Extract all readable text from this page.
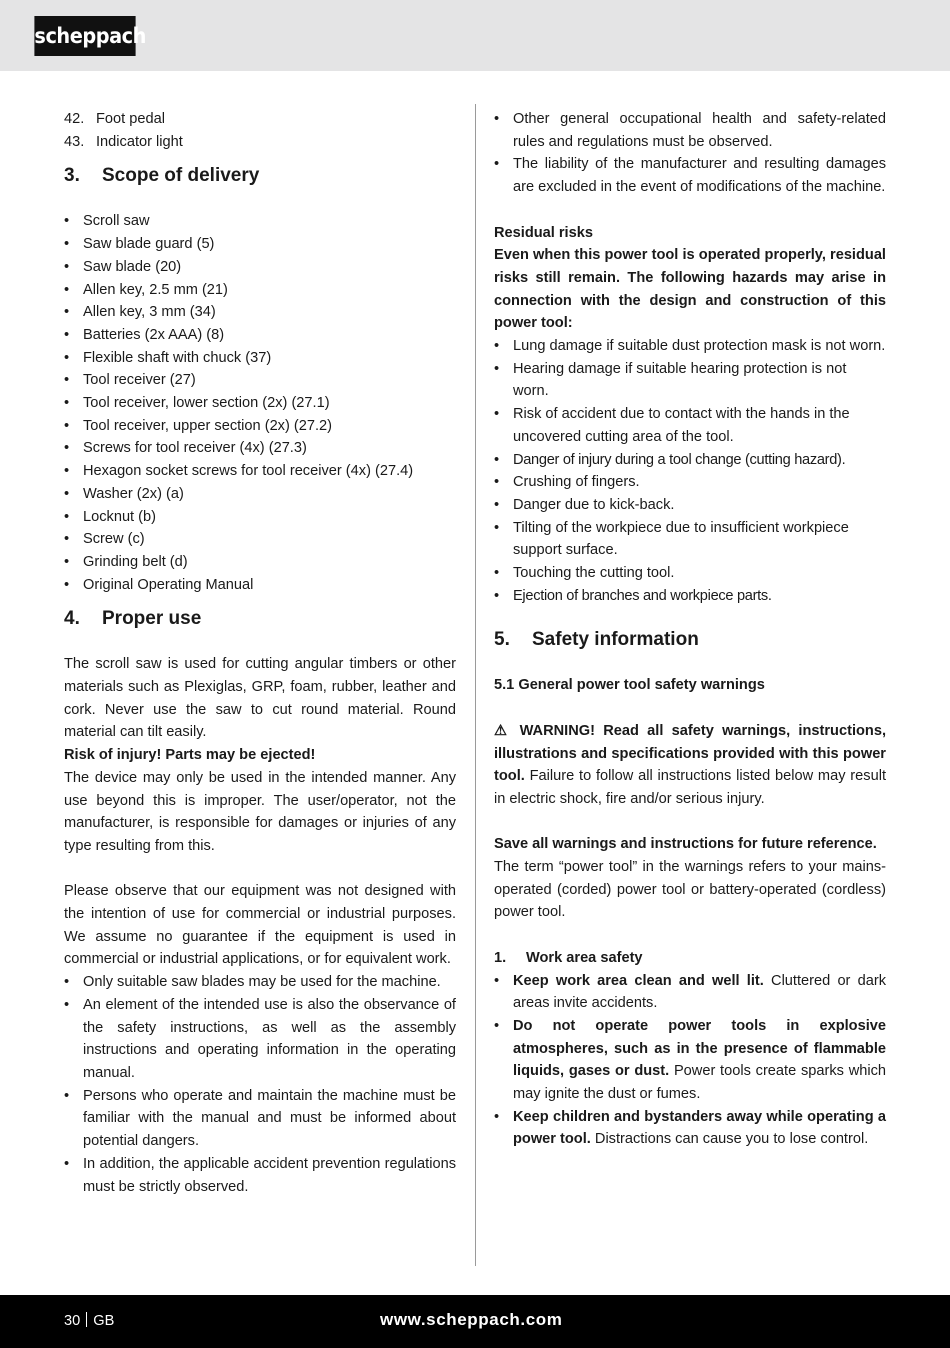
scheppach
42. Foot pedal
43. Indicator light
3.	Scope of delivery
• Scroll saw
• Saw blade guard (5)
• Saw blade (20)
• Allen key, 2.5 mm (21)
• Allen key, 3 mm (34)
• Batteries (2x AAA) (8)
• Flexible shaft with chuck (37)
• Tool receiver (27)
• Tool receiver, lower section (2x) (27.1)
• Tool receiver, upper section (2x) (27.2)
• Screws for tool receiver (4x) (27.3)
• Hexagon socket screws for tool receiver (4x) (27.4)
• Washer (2x) (a)
• Locknut (b)
• Screw (c)
• Grinding belt (d)
• Original Operating Manual
4.	Proper use

The scroll saw is used for cutting angular timbers or other materials such as Plexiglas, GRP, foam, rubber, leather and cork. Never use the saw to cut round material. Round material can tilt easily.

Risk of injury! Parts may be ejected!

The device may only be used in the intended manner. Any use beyond this is improper. The user/operator, not the manufacturer, is responsible for damages or injuries of any type resulting from this.

Please observe that our equipment was not designed with the intention of use for commercial or industrial purposes. We assume no guarantee if the equipment is used in commercial or industrial applications, or for equivalent work.

• Only suitable saw blades may be used for the machine.
• An element of the intended use is also the observance of the safety instructions, as well as the assembly instructions and operating information in the operating manual.
• Persons who operate and maintain the machine must be familiar with the manual and must be informed about potential dangers.
• In addition, the applicable accident prevention regulations must be strictly observed.
• Other general occupational health and safety-related rules and regulations must be observed.
• The liability of the manufacturer and resulting damages are excluded in the event of modifications of the machine.

Residual risks

Even when this power tool is operated properly, residual risks still remain. The following hazards may arise in connection with the design and construction of this power tool:

• Lung damage if suitable dust protection mask is not worn.
• Hearing damage if suitable hearing protection is not worn.
• Risk of accident due to contact with the hands in the uncovered cutting area of the tool.
• Danger of injury during a tool change (cutting hazard).
• Crushing of fingers.
• Danger due to kick-back.
• Tilting of the workpiece due to insufficient workpiece support surface.
• Touching the cutting tool.
• Ejection of branches and workpiece parts.
5.	Safety information

5.1 General power tool safety warnings

⚠ WARNING! Read all safety warnings, instructions, illustrations and specifications provided with this power tool. Failure to follow all instructions listed below may result in electric shock, fire and/or serious injury.

Save all warnings and instructions for future reference.

The term “power tool” in the warnings refers to your mains-operated (corded) power tool or battery-operated (cordless) power tool.

1.	Work area safety
• Keep work area clean and well lit. Cluttered or dark areas invite accidents.
• Do not operate power tools in explosive atmospheres, such as in the presence of flammable liquids, gases or dust. Power tools create sparks which may ignite the dust or fumes.
• Keep children and bystanders away while operating a power tool. Distractions can cause you to lose control.
30 GB	www.scheppach.com
